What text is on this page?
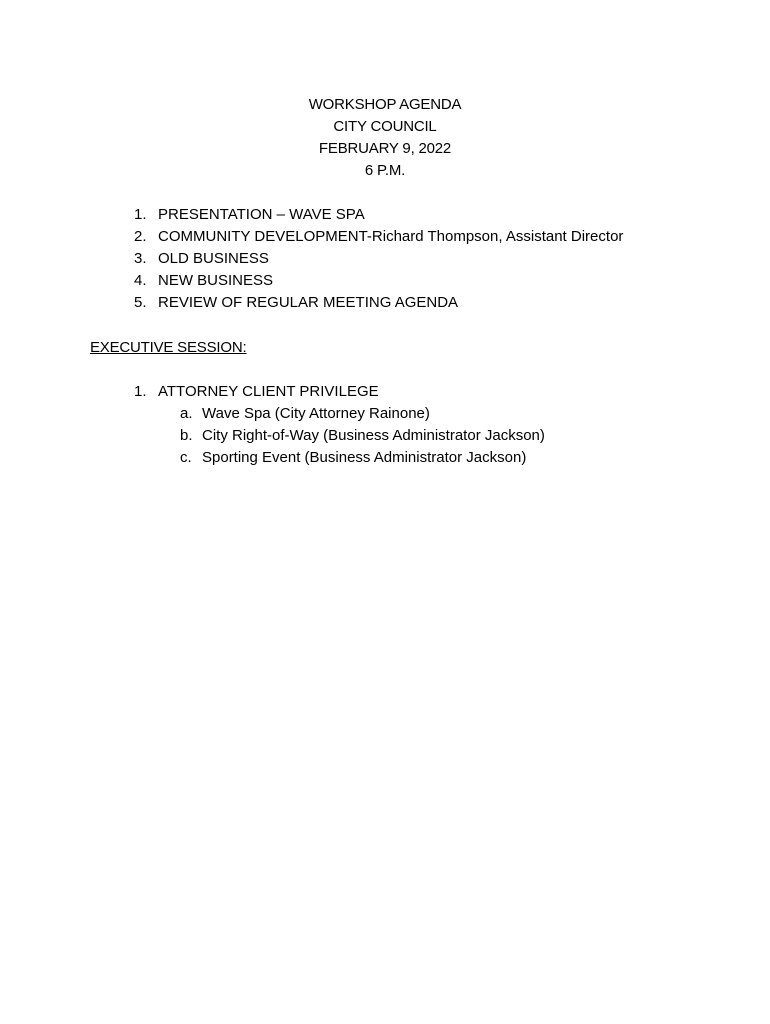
WORKSHOP AGENDA
CITY COUNCIL
FEBRUARY 9, 2022
6 P.M.
1. PRESENTATION – WAVE SPA
2. COMMUNITY DEVELOPMENT-Richard Thompson, Assistant Director
3. OLD BUSINESS
4. NEW BUSINESS
5. REVIEW OF REGULAR MEETING AGENDA
EXECUTIVE SESSION:
1. ATTORNEY CLIENT PRIVILEGE
a. Wave Spa (City Attorney Rainone)
b. City Right-of-Way (Business Administrator Jackson)
c. Sporting Event (Business Administrator Jackson)
